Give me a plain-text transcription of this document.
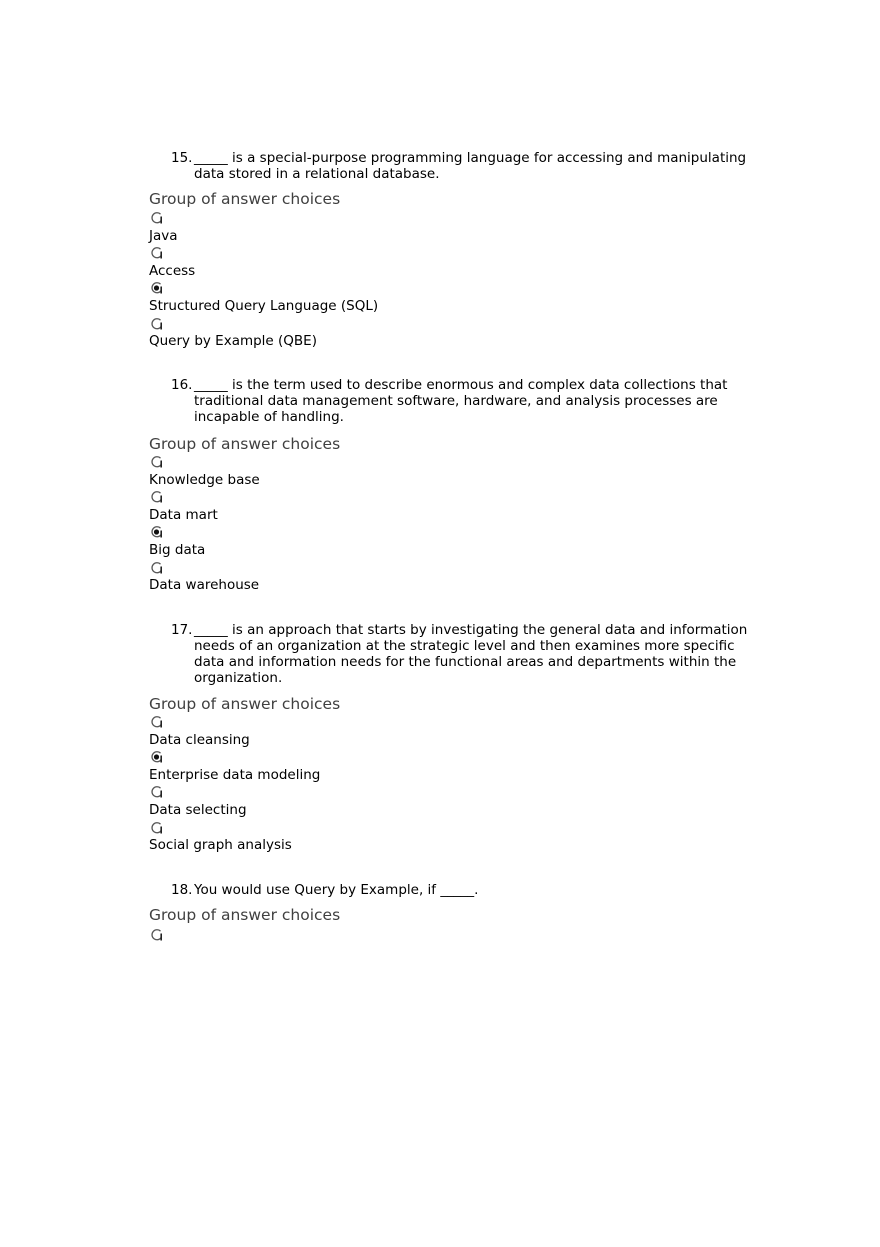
15. _____ is a special-purpose programming language for accessing and manipulating data stored in a relational database.
Group of answer choices
Java
Access
Structured Query Language (SQL)
Query by Example (QBE)
16. _____ is the term used to describe enormous and complex data collections that traditional data management software, hardware, and analysis processes are incapable of handling.
Group of answer choices
Knowledge base
Data mart
Big data
Data warehouse
17. _____ is an approach that starts by investigating the general data and information needs of an organization at the strategic level and then examines more specific data and information needs for the functional areas and departments within the organization.
Group of answer choices
Data cleansing
Enterprise data modeling
Data selecting
Social graph analysis
18. You would use Query by Example, if _____.
Group of answer choices
